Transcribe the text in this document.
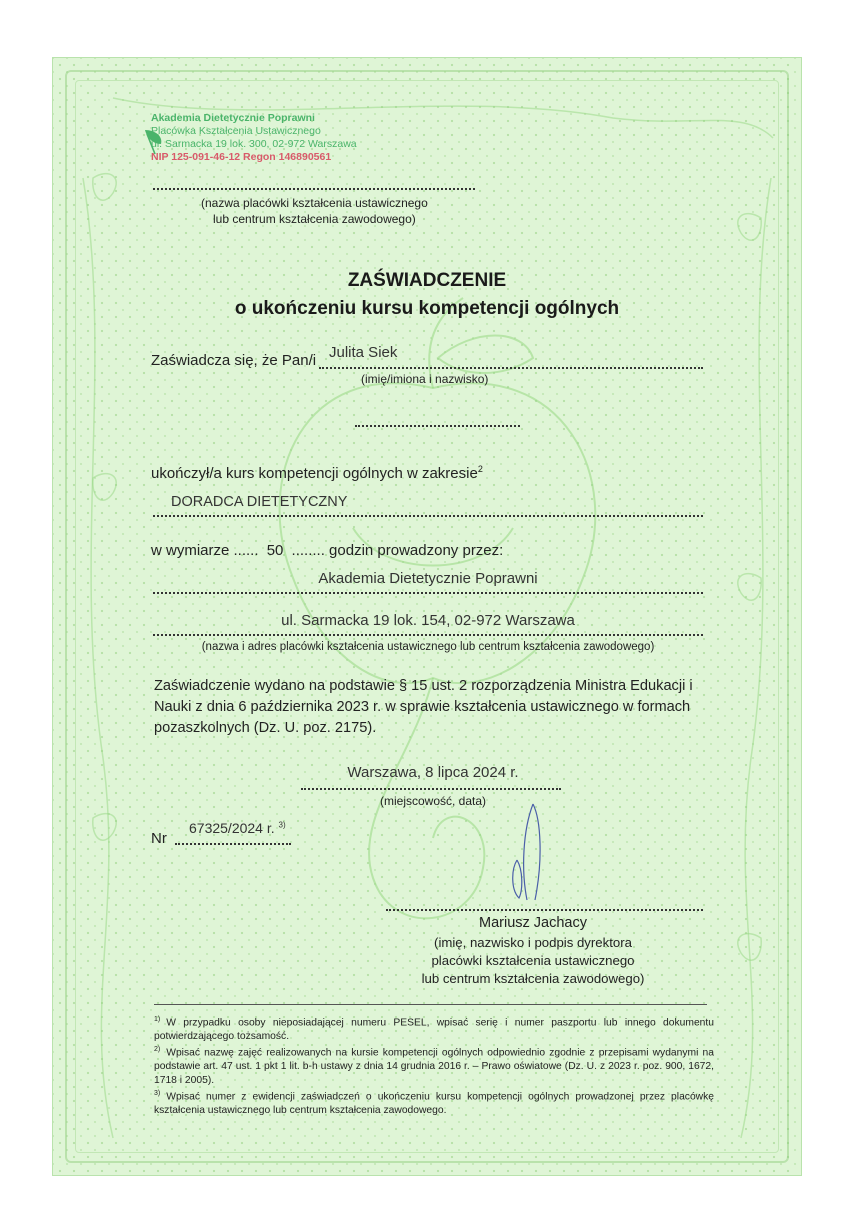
Akademia Dietetycznie Poprawni
Placówka Kształcenia Ustawicznego
ul. Sarmacka 19 lok. 300, 02-972 Warszawa
NIP 125-091-46-12 Regon 146890561
(nazwa placówki kształcenia ustawicznego
lub centrum kształcenia zawodowego)
ZAŚWIADCZENIE
o ukończeniu kursu kompetencji ogólnych
Zaświadcza się, że Pan/i Julita Siek
(imię/imiona i nazwisko)
ukończył/a kurs kompetencji ogólnych w zakresie$^2$
DORADCA DIETETYCZNY
w wymiarze ...... 50 ........ godzin prowadzony przez:
Akademia Dietetycznie Poprawni
ul. Sarmacka 19 lok. 154, 02-972 Warszawa
(nazwa i adres placówki kształcenia ustawicznego lub centrum kształcenia zawodowego)
Zaświadczenie wydano na podstawie § 15 ust. 2 rozporządzenia Ministra Edukacji i Nauki z dnia 6 października 2023 r. w sprawie kształcenia ustawicznego w formach pozaszkolnych (Dz. U. poz. 2175).
Warszawa, 8 lipca 2024 r.
(miejscowość, data)
Nr
67325/2024 r. $^{3)}$
Mariusz Jachacy
(imię, nazwisko i podpis dyrektora
placówki kształcenia ustawicznego
lub centrum kształcenia zawodowego)
$^{1)}$ W przypadku osoby nieposiadającej numeru PESEL, wpisać serię i numer paszportu lub innego dokumentu potwierdzającego tożsamość.
$^{2)}$ Wpisać nazwę zajęć realizowanych na kursie kompetencji ogólnych odpowiednio zgodnie z przepisami wydanymi na podstawie art. 47 ust. 1 pkt 1 lit. b-h ustawy z dnia 14 grudnia 2016 r. – Prawo oświatowe (Dz. U. z 2023 r. poz. 900, 1672, 1718 i 2005).
$^{3)}$ Wpisać numer z ewidencji zaświadczeń o ukończeniu kursu kompetencji ogólnych prowadzonej przez placówkę kształcenia ustawicznego lub centrum kształcenia zawodowego.
